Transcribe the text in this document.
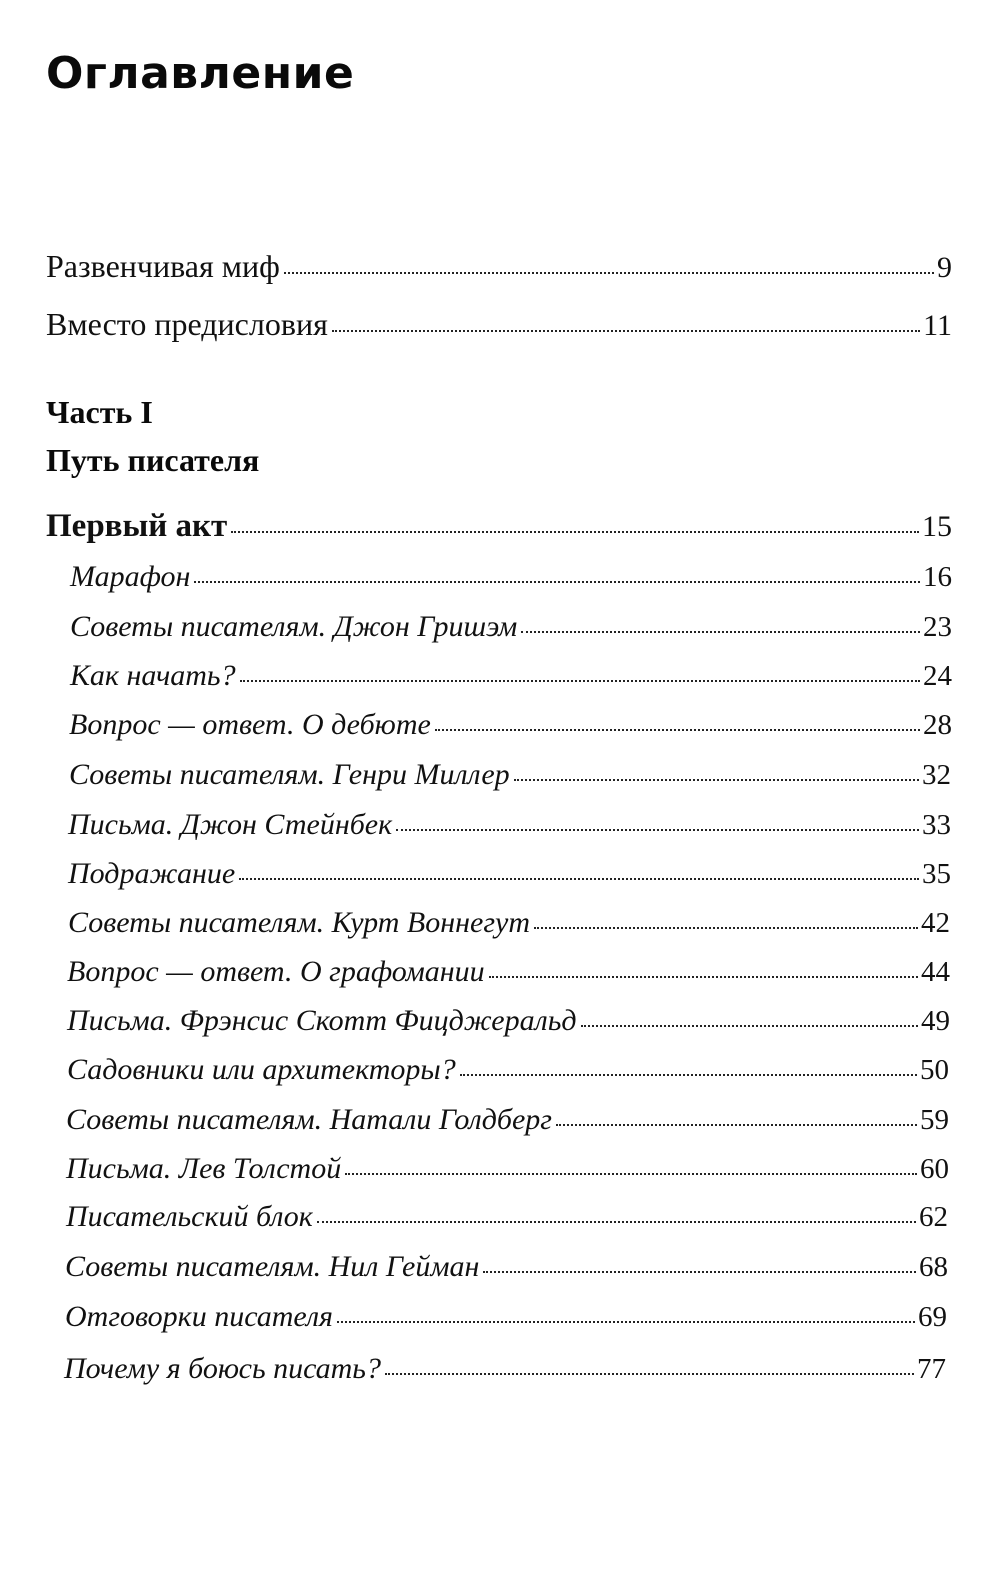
Оглавление
Развенчивая миф	9
Вместо предисловия	11
Часть I
Путь писателя
Первый акт	15
Марафон	16
Советы писателям. Джон Гришэм	23
Как начать?	24
Вопрос — ответ. О дебюте	28
Советы писателям. Генри Миллер	32
Письма. Джон Стейнбек	33
Подражание	35
Советы писателям. Курт Воннегут	42
Вопрос — ответ. О графомании	44
Письма. Фрэнсис Скотт Фицджеральд	49
Садовники или архитекторы?	50
Советы писателям. Натали Голдберг	59
Письма. Лев Толстой	60
Писательский блок	62
Советы писателям. Нил Гейман	68
Отговорки писателя	69
Почему я боюсь писать?	77
